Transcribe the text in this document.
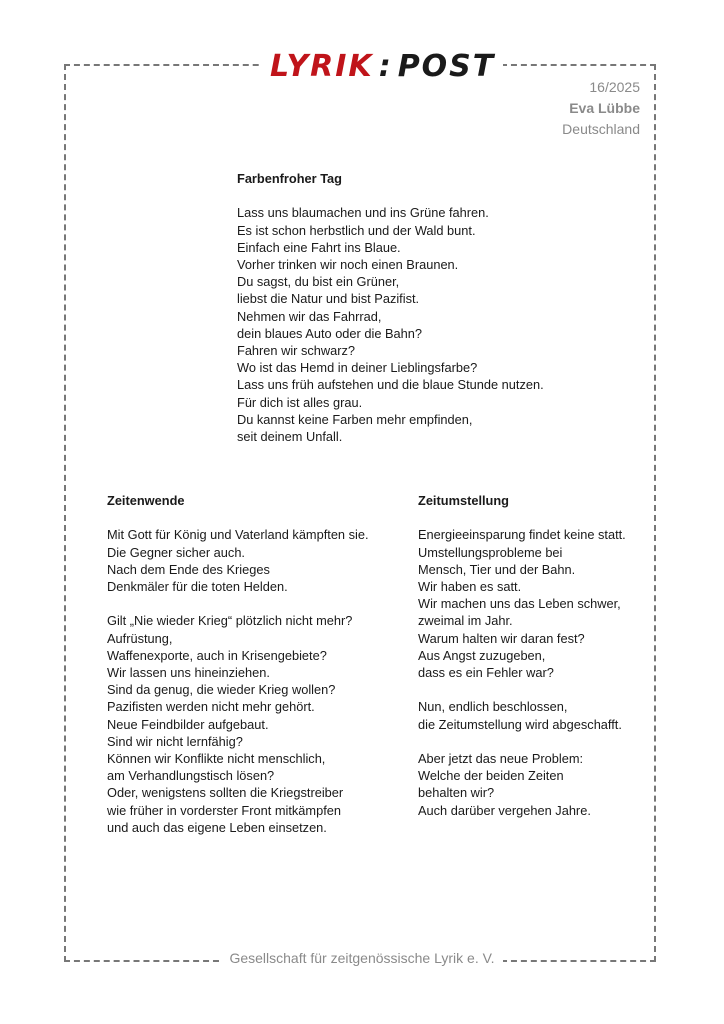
LYRIK : POST
16/2025
Eva Lübbe
Deutschland
Farbenfroher Tag
Lass uns blaumachen und ins Grüne fahren.
Es ist schon herbstlich und der Wald bunt.
Einfach eine Fahrt ins Blaue.
Vorher trinken wir noch einen Braunen.
Du sagst, du bist ein Grüner,
liebst die Natur und bist Pazifist.
Nehmen wir das Fahrrad,
dein blaues Auto oder die Bahn?
Fahren wir schwarz?
Wo ist das Hemd in deiner Lieblingsfarbe?
Lass uns früh aufstehen und die blaue Stunde nutzen.
Für dich ist alles grau.
Du kannst keine Farben mehr empfinden,
seit deinem Unfall.
Zeitenwende
Mit Gott für König und Vaterland kämpften sie.
Die Gegner sicher auch.
Nach dem Ende des Krieges
Denkmäler für die toten Helden.
Gilt „Nie wieder Krieg“ plötzlich nicht mehr?
Aufrüstung,
Waffenexporte, auch in Krisengebiete?
Wir lassen uns hineinziehen.
Sind da genug, die wieder Krieg wollen?
Pazifisten werden nicht mehr gehört.
Neue Feindbilder aufgebaut.
Sind wir nicht lernfähig?
Können wir Konflikte nicht menschlich,
am Verhandlungstisch lösen?
Oder, wenigstens sollten die Kriegstreiber
wie früher in vorderster Front mitkämpfen
und auch das eigene Leben einsetzen.
Zeitumstellung
Energieeinsparung findet keine statt.
Umstellungsprobleme bei
Mensch, Tier und der Bahn.
Wir haben es satt.
Wir machen uns das Leben schwer,
zweimal im Jahr.
Warum halten wir daran fest?
Aus Angst zuzugeben,
dass es ein Fehler war?
Nun, endlich beschlossen,
die Zeitumstellung wird abgeschafft.
Aber jetzt das neue Problem:
Welche der beiden Zeiten
behalten wir?
Auch darüber vergehen Jahre.
Gesellschaft für zeitgenössische Lyrik e. V.
